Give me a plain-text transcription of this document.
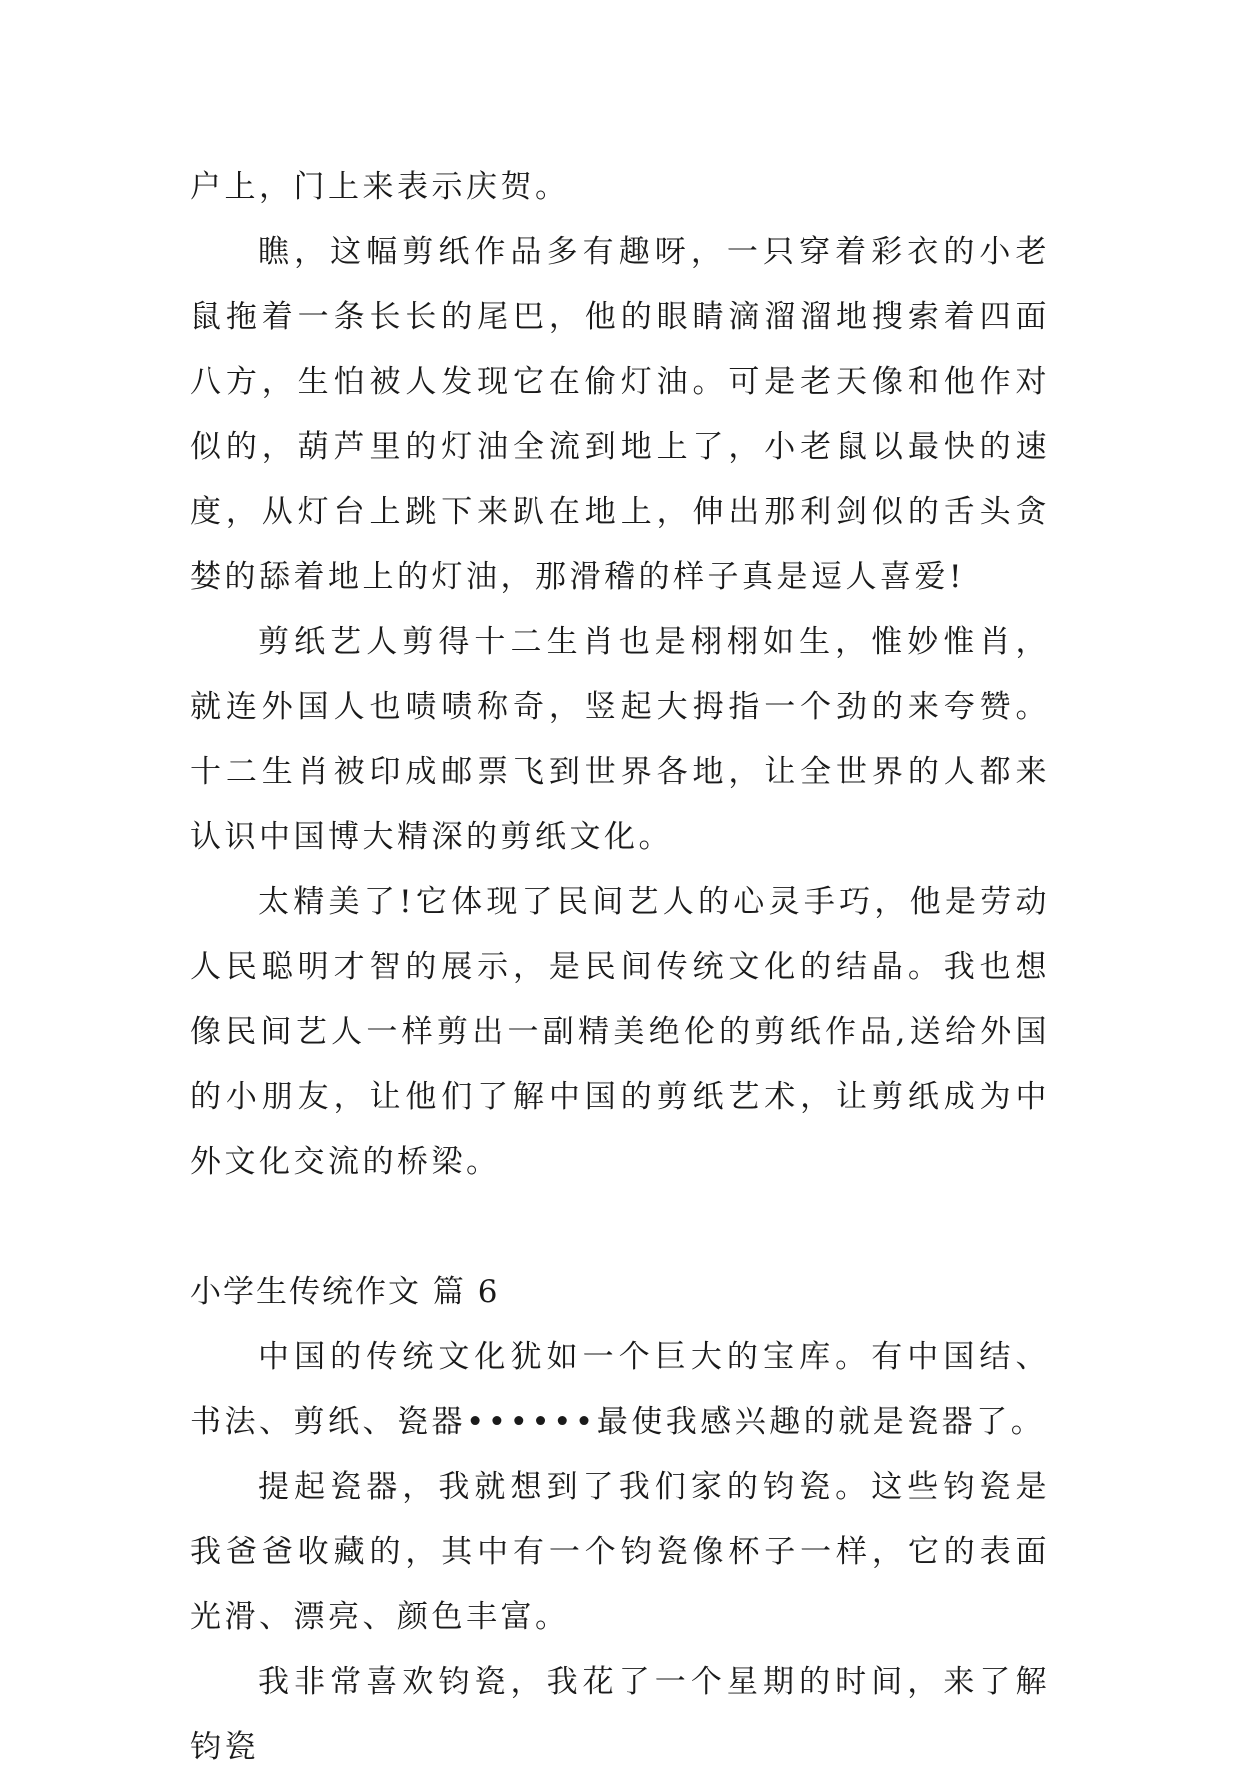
户上，门上来表示庆贺。

瞧，这幅剪纸作品多有趣呀，一只穿着彩衣的小老鼠拖着一条长长的尾巴，他的眼睛滴溜溜地搜索着四面八方，生怕被人发现它在偷灯油。可是老天像和他作对似的，葫芦里的灯油全流到地上了，小老鼠以最快的速度，从灯台上跳下来趴在地上，伸出那利剑似的舌头贪婪的舔着地上的灯油，那滑稽的样子真是逗人喜爱!

剪纸艺人剪得十二生肖也是栩栩如生，惟妙惟肖，就连外国人也啧啧称奇，竖起大拇指一个劲的来夸赞。十二生肖被印成邮票飞到世界各地，让全世界的人都来认识中国博大精深的剪纸文化。

太精美了!它体现了民间艺人的心灵手巧，他是劳动人民聪明才智的展示，是民间传统文化的结晶。我也想像民间艺人一样剪出一副精美绝伦的剪纸作品,送给外国的小朋友，让他们了解中国的剪纸艺术，让剪纸成为中外文化交流的桥梁。

小学生传统作文 篇 6

中国的传统文化犹如一个巨大的宝库。有中国结、书法、剪纸、瓷器••••••最使我感兴趣的就是瓷器了。

提起瓷器，我就想到了我们家的钧瓷。这些钧瓷是我爸爸收藏的，其中有一个钧瓷像杯子一样，它的表面光滑、漂亮、颜色丰富。

我非常喜欢钧瓷，我花了一个星期的时间，来了解钧瓷
